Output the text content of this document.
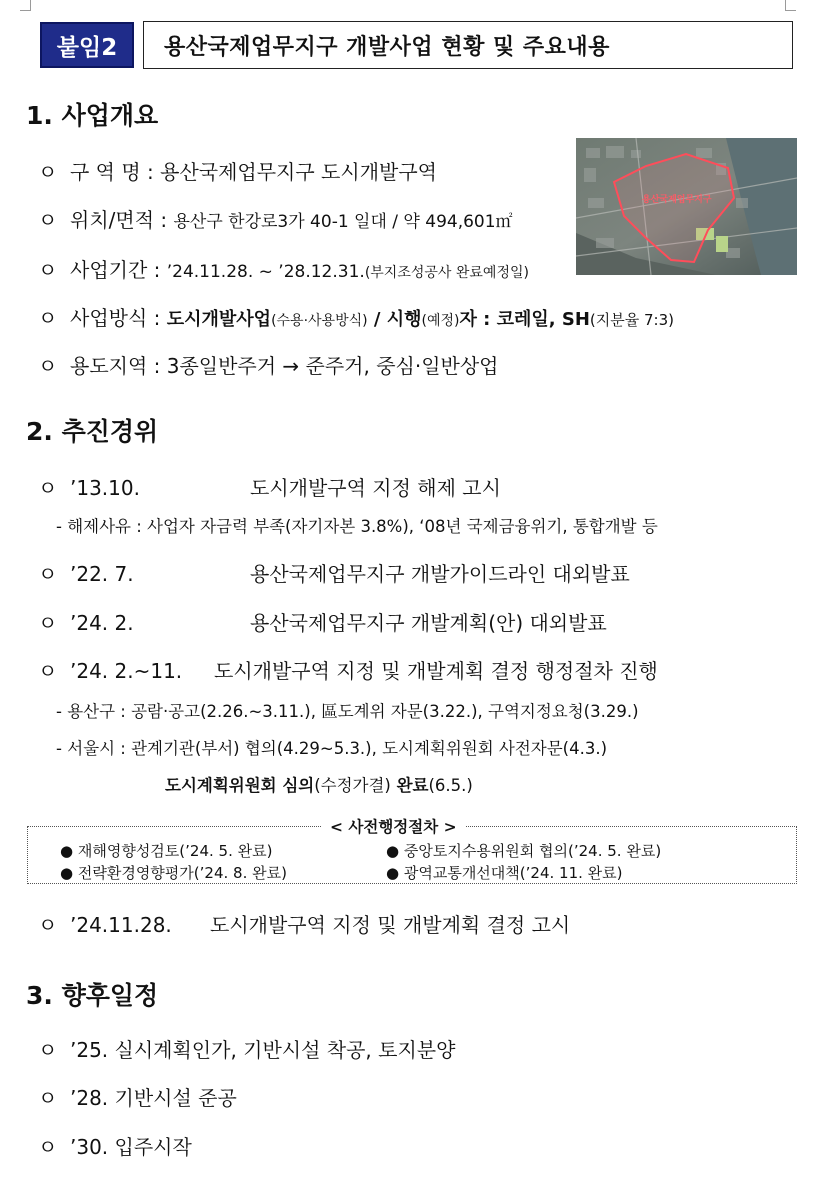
붙임2	용산국제업무지구 개발사업 현황 및 주요내용
1. 사업개요
ㅇ 구 역 명 : 용산국제업무지구 도시개발구역
ㅇ 위치/면적 : 용산구 한강로3가 40-1 일대 / 약 494,601㎡
ㅇ 사업기간 : ’24.11.28. ~ ’28.12.31.(부지조성공사 완료예정일)
ㅇ 사업방식 : 도시개발사업(수용·사용방식) / 시행(예정)자 : 코레일, SH(지분율 7:3)
ㅇ 용도지역 : 3종일반주거 → 준주거, 중심·일반상업
용산국제업무지구
2. 추진경위
ㅇ ’13.10.	도시개발구역 지정 해제 고시
- 해제사유 : 사업자 자금력 부족(자기자본 3.8%), ‘08년 국제금융위기, 통합개발 등
ㅇ ’22. 7.	용산국제업무지구 개발가이드라인 대외발표
ㅇ ’24. 2.	용산국제업무지구 개발계획(안) 대외발표
ㅇ ’24. 2.~11. 도시개발구역 지정 및 개발계획 결정 행정절차 진행
- 용산구 : 공람·공고(2.26.~3.11.), 區도계위 자문(3.22.), 구역지정요청(3.29.)
- 서울시 : 관계기관(부서) 협의(4.29~5.3.), 도시계획위원회 사전자문(4.3.)
도시계획위원회 심의(수정가결) 완료(6.5.)
< 사전행정절차 >
● 재해영향성검토(’24. 5. 완료)	● 중앙토지수용위원회 협의(’24. 5. 완료)
● 전략환경영향평가(’24. 8. 완료)	● 광역교통개선대책(’24. 11. 완료)
ㅇ ’24.11.28. 도시개발구역 지정 및 개발계획 결정 고시
3. 향후일정
ㅇ ’25. 실시계획인가, 기반시설 착공, 토지분양
ㅇ ’28. 기반시설 준공
ㅇ ’30. 입주시작
